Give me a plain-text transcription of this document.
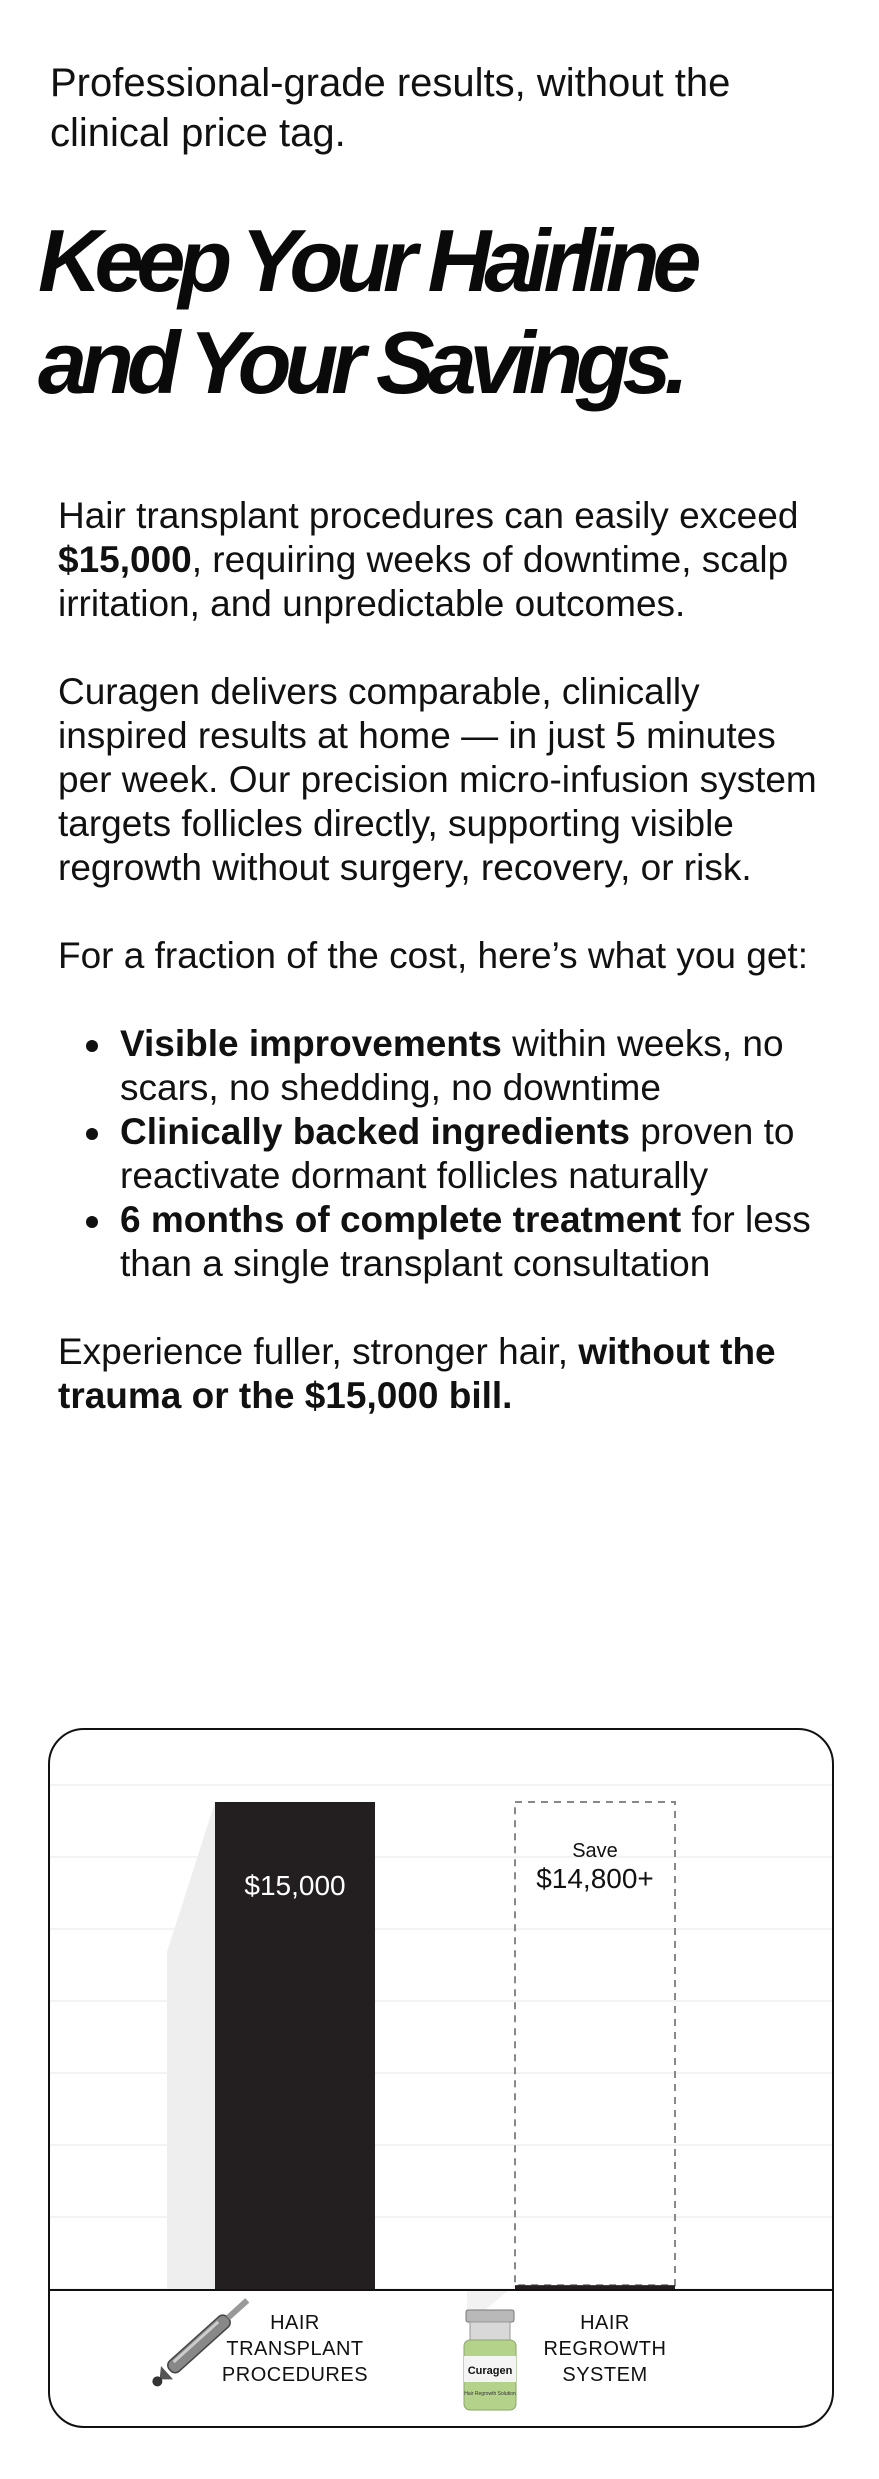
Professional-grade results, without the clinical price tag.
Keep Your Hairline
and Your Savings.

Hair transplant procedures can easily exceed $15,000, requiring weeks of downtime, scalp irritation, and unpredictable outcomes.

Curagen delivers comparable, clinically inspired results at home — in just 5 minutes per week. Our precision micro-infusion system targets follicles directly, supporting visible regrowth without surgery, recovery, or risk.

For a fraction of the cost, here’s what you get:

Visible improvements within weeks, no scars, no shedding, no downtime
Clinically backed ingredients proven to reactivate dormant follicles naturally
6 months of complete treatment for less than a single transplant consultation

Experience fuller, stronger hair, without the trauma or the $15,000 bill.

Curagen
Hair Regrowth Solution
$15,000
Save
$14,800+
$149
HAIR
TRANSPLANT
PROCEDURES
HAIR
REGROWTH
SYSTEM
